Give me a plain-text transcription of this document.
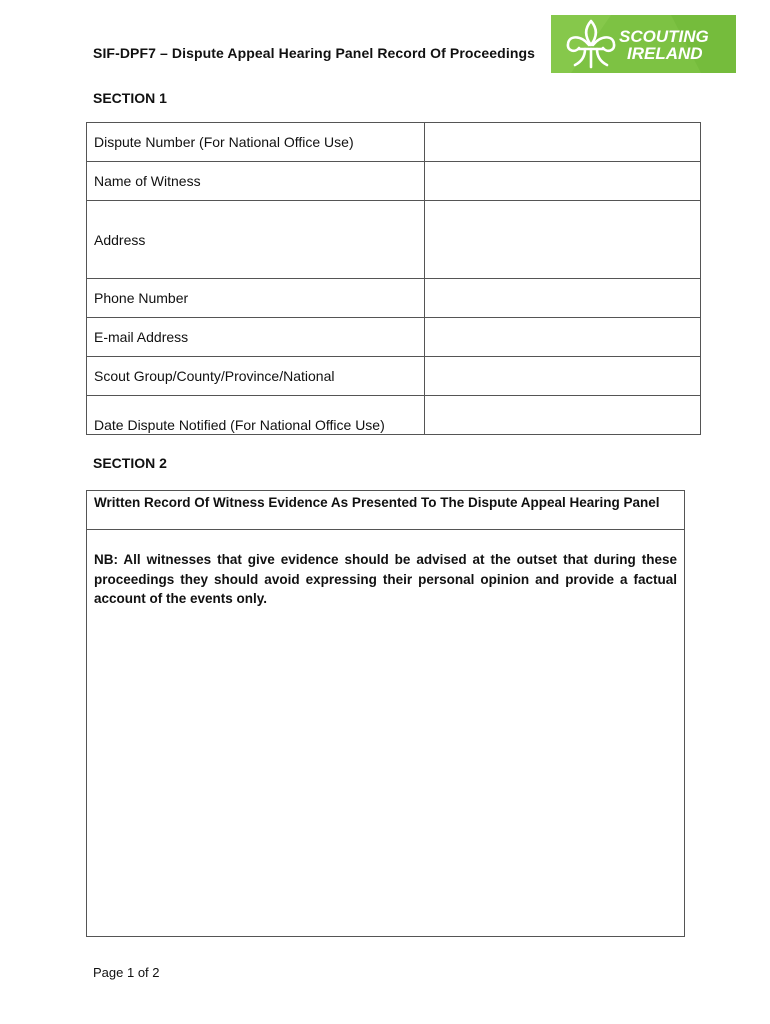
SIF-DPF7 – Dispute Appeal Hearing Panel Record Of Proceedings
SCOUTING
IRELAND
SECTION 1
Dispute Number (For National Office Use)	
Name of Witness	
Address	
Phone Number	
E-mail Address	
Scout Group/County/Province/National	
Date Dispute Notified (For National Office Use)	
SECTION 2
Written Record Of Witness Evidence As Presented To The Dispute Appeal Hearing Panel
NB: All witnesses that give evidence should be advised at the outset that during these proceedings they should avoid expressing their personal opinion and provide a factual account of the events only.
Page 1 of 2
